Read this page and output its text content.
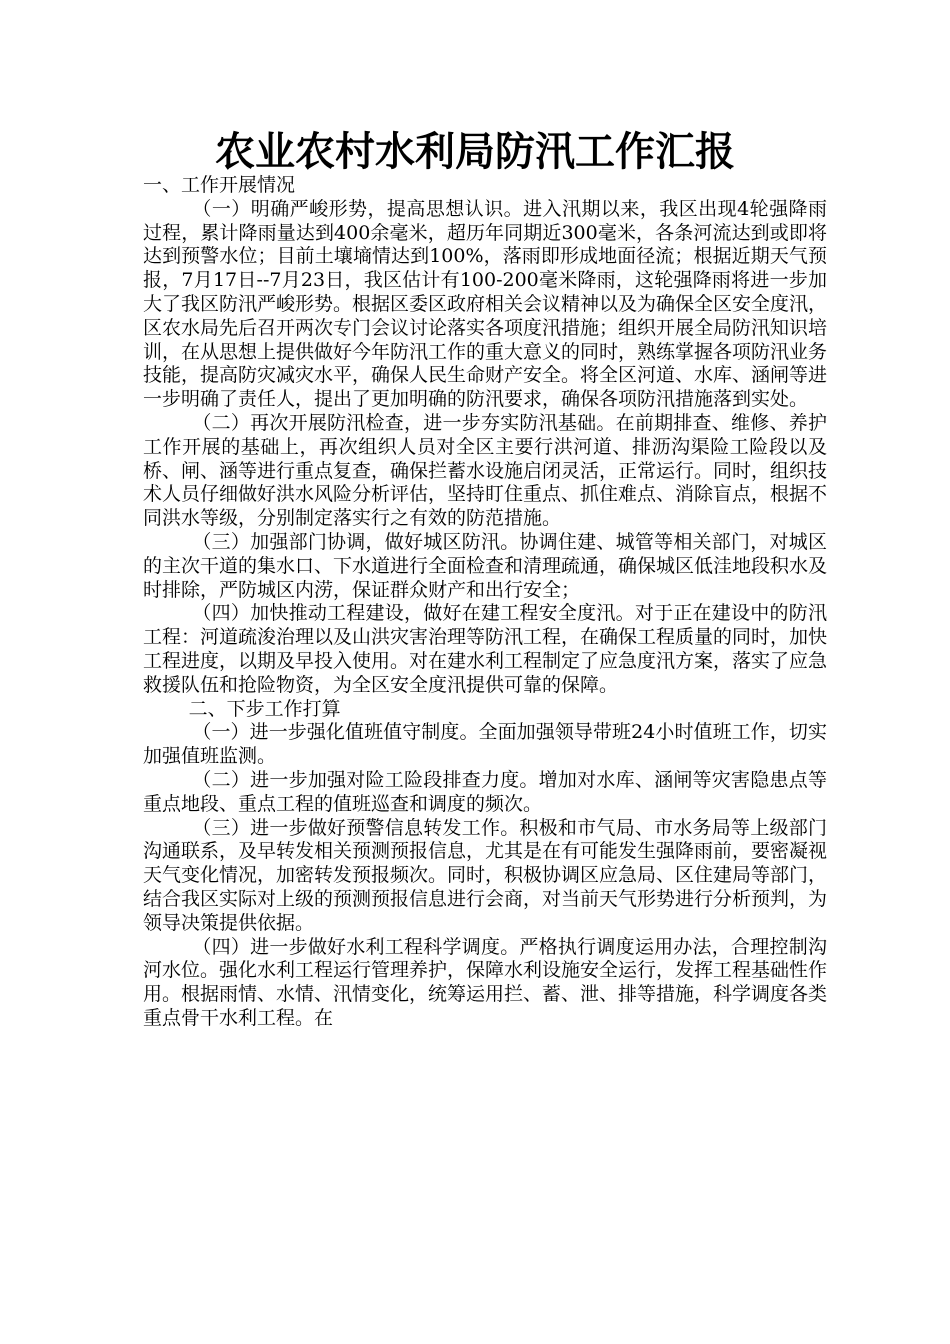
农业农村水利局防汛工作汇报

一、工作开展情况

（一）明确严峻形势，提高思想认识。进入汛期以来，我区出现4轮强降雨过程，累计降雨量达到400余毫米，超历年同期近300毫米，各条河流达到或即将达到预警水位；目前土壤墒情达到100%，落雨即形成地面径流；根据近期天气预报，7月17日--7月23日，我区估计有100-200毫米降雨，这轮强降雨将进一步加大了我区防汛严峻形势。根据区委区政府相关会议精神以及为确保全区安全度汛，区农水局先后召开两次专门会议讨论落实各项度汛措施；组织开展全局防汛知识培训，在从思想上提供做好今年防汛工作的重大意义的同时，熟练掌握各项防汛业务技能，提高防灾减灾水平，确保人民生命财产安全。将全区河道、水库、涵闸等进一步明确了责任人，提出了更加明确的防汛要求，确保各项防汛措施落到实处。

（二）再次开展防汛检查，进一步夯实防汛基础。在前期排查、维修、养护工作开展的基础上，再次组织人员对全区主要行洪河道、排沥沟渠险工险段以及桥、闸、涵等进行重点复查，确保拦蓄水设施启闭灵活，正常运行。同时，组织技术人员仔细做好洪水风险分析评估，坚持盯住重点、抓住难点、消除盲点，根据不同洪水等级，分别制定落实行之有效的防范措施。

（三）加强部门协调，做好城区防汛。协调住建、城管等相关部门，对城区的主次干道的集水口、下水道进行全面检查和清理疏通，确保城区低洼地段积水及时排除，严防城区内涝，保证群众财产和出行安全；

（四）加快推动工程建设，做好在建工程安全度汛。对于正在建设中的防汛工程：河道疏浚治理以及山洪灾害治理等防汛工程，在确保工程质量的同时，加快工程进度，以期及早投入使用。对在建水利工程制定了应急度汛方案，落实了应急救援队伍和抢险物资，为全区安全度汛提供可靠的保障。

二、下步工作打算

（一）进一步强化值班值守制度。全面加强领导带班24小时值班工作，切实加强值班监测。

（二）进一步加强对险工险段排查力度。增加对水库、涵闸等灾害隐患点等重点地段、重点工程的值班巡查和调度的频次。

（三）进一步做好预警信息转发工作。积极和市气局、市水务局等上级部门沟通联系，及早转发相关预测预报信息，尤其是在有可能发生强降雨前，要密凝视天气变化情况，加密转发预报频次。同时，积极协调区应急局、区住建局等部门，结合我区实际对上级的预测预报信息进行会商，对当前天气形势进行分析预判，为领导决策提供依据。

（四）进一步做好水利工程科学调度。严格执行调度运用办法，合理控制沟河水位。强化水利工程运行管理养护，保障水利设施安全运行，发挥工程基础性作用。根据雨情、水情、汛情变化，统筹运用拦、蓄、泄、排等措施，科学调度各类重点骨干水利工程。在
